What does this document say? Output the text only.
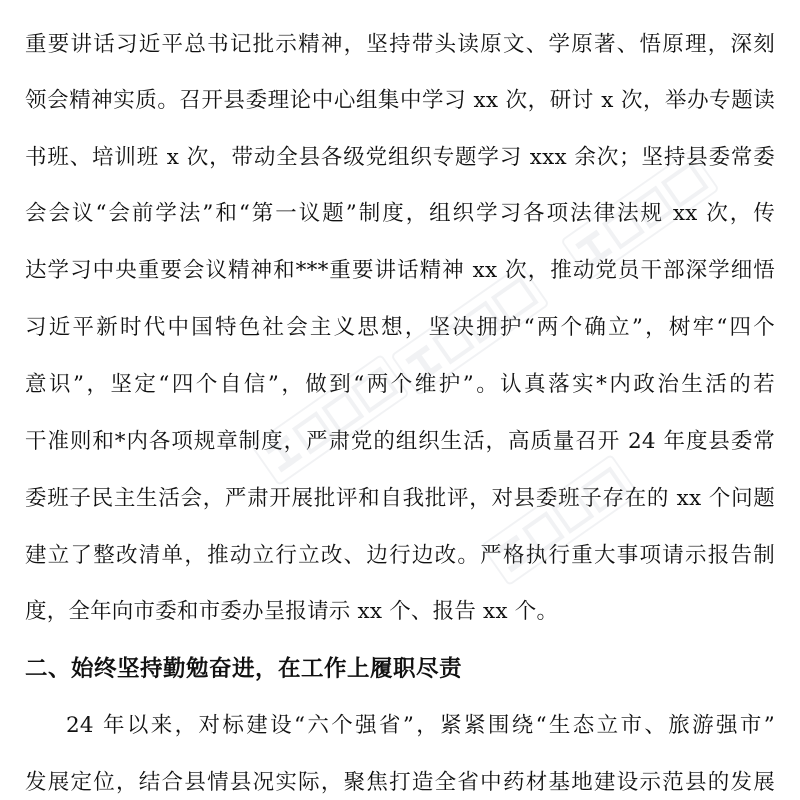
重要讲话习近平总书记批示精神，坚持带头读原文、学原著、悟原理，深刻
领会精神实质。召开县委理论中心组集中学习 xx 次，研讨 x 次，举办专题读
书班、培训班 x 次，带动全县各级党组织专题学习 xxx 余次；坚持县委常委
会会议“会前学法”和“第一议题”制度，组织学习各项法律法规 xx 次，传
达学习中央重要会议精神和***重要讲话精神 xx 次，推动党员干部深学细悟
习近平新时代中国特色社会主义思想，坚决拥护“两个确立”，树牢“四个
意识”，坚定“四个自信”，做到“两个维护”。认真落实*内政治生活的若
干准则和*内各项规章制度，严肃党的组织生活，高质量召开 24 年度县委常
委班子民主生活会，严肃开展批评和自我批评，对县委班子存在的 xx 个问题
建立了整改清单，推动立行立改、边行边改。严格执行重大事项请示报告制
度，全年向市委和市委办呈报请示 xx 个、报告 xx 个。
二、始终坚持勤勉奋进，在工作上履职尽责
24 年以来，对标建设“六个强省”，紧紧围绕“生态立市、旅游强市”
发展定位，结合县情县况实际，聚焦打造全省中药材基地建设示范县的发展
